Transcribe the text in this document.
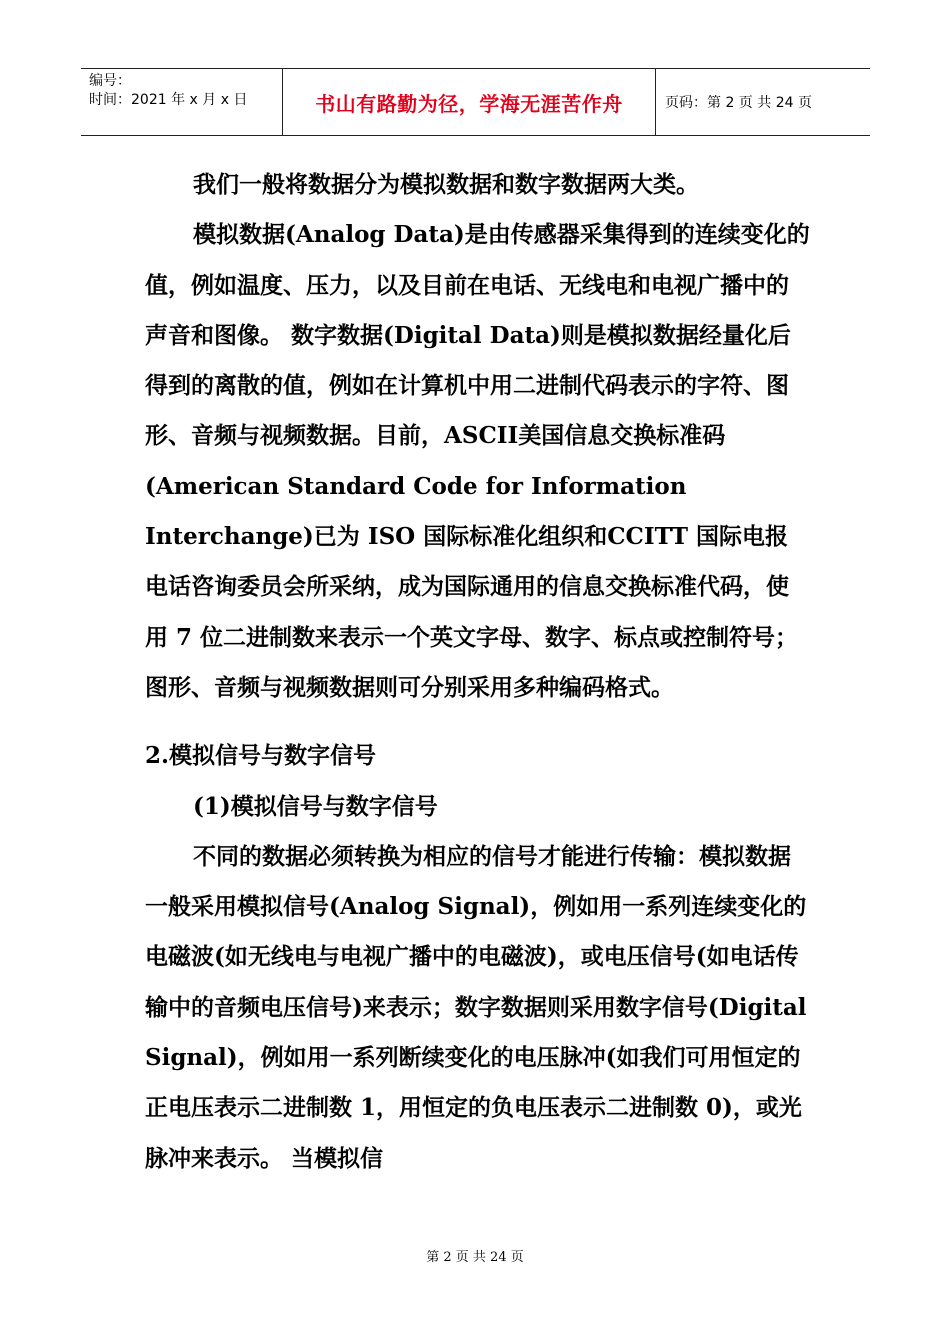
编号：
时间：2021 年 x 月 x 日	书山有路勤为径，学海无涯苦作舟	页码：第 2 页 共 24 页

我们一般将数据分为模拟数据和数字数据两大类。

模拟数据(Analog Data)是由传感器采集得到的连续变化的值，例如温度、压力，以及目前在电话、无线电和电视广播中的声音和图像。 数字数据(Digital Data)则是模拟数据经量化后得到的离散的值，例如在计算机中用二进制代码表示的字符、图形、音频与视频数据。目前，ASCII美国信息交换标准码(American Standard Code for Information Interchange)已为 ISO 国际标准化组织和CCITT 国际电报电话咨询委员会所采纳，成为国际通用的信息交换标准代码，使用 7 位二进制数来表示一个英文字母、数字、标点或控制符号；图形、音频与视频数据则可分别采用多种编码格式。

2.模拟信号与数字信号

(1)模拟信号与数字信号

不同的数据必须转换为相应的信号才能进行传输：模拟数据一般采用模拟信号(Analog Signal)，例如用一系列连续变化的电磁波(如无线电与电视广播中的电磁波)，或电压信号(如电话传输中的音频电压信号)来表示；数字数据则采用数字信号(Digital Signal)，例如用一系列断续变化的电压脉冲(如我们可用恒定的正电压表示二进制数 1，用恒定的负电压表示二进制数 0)，或光脉冲来表示。 当模拟信

第 2 页 共 24 页
